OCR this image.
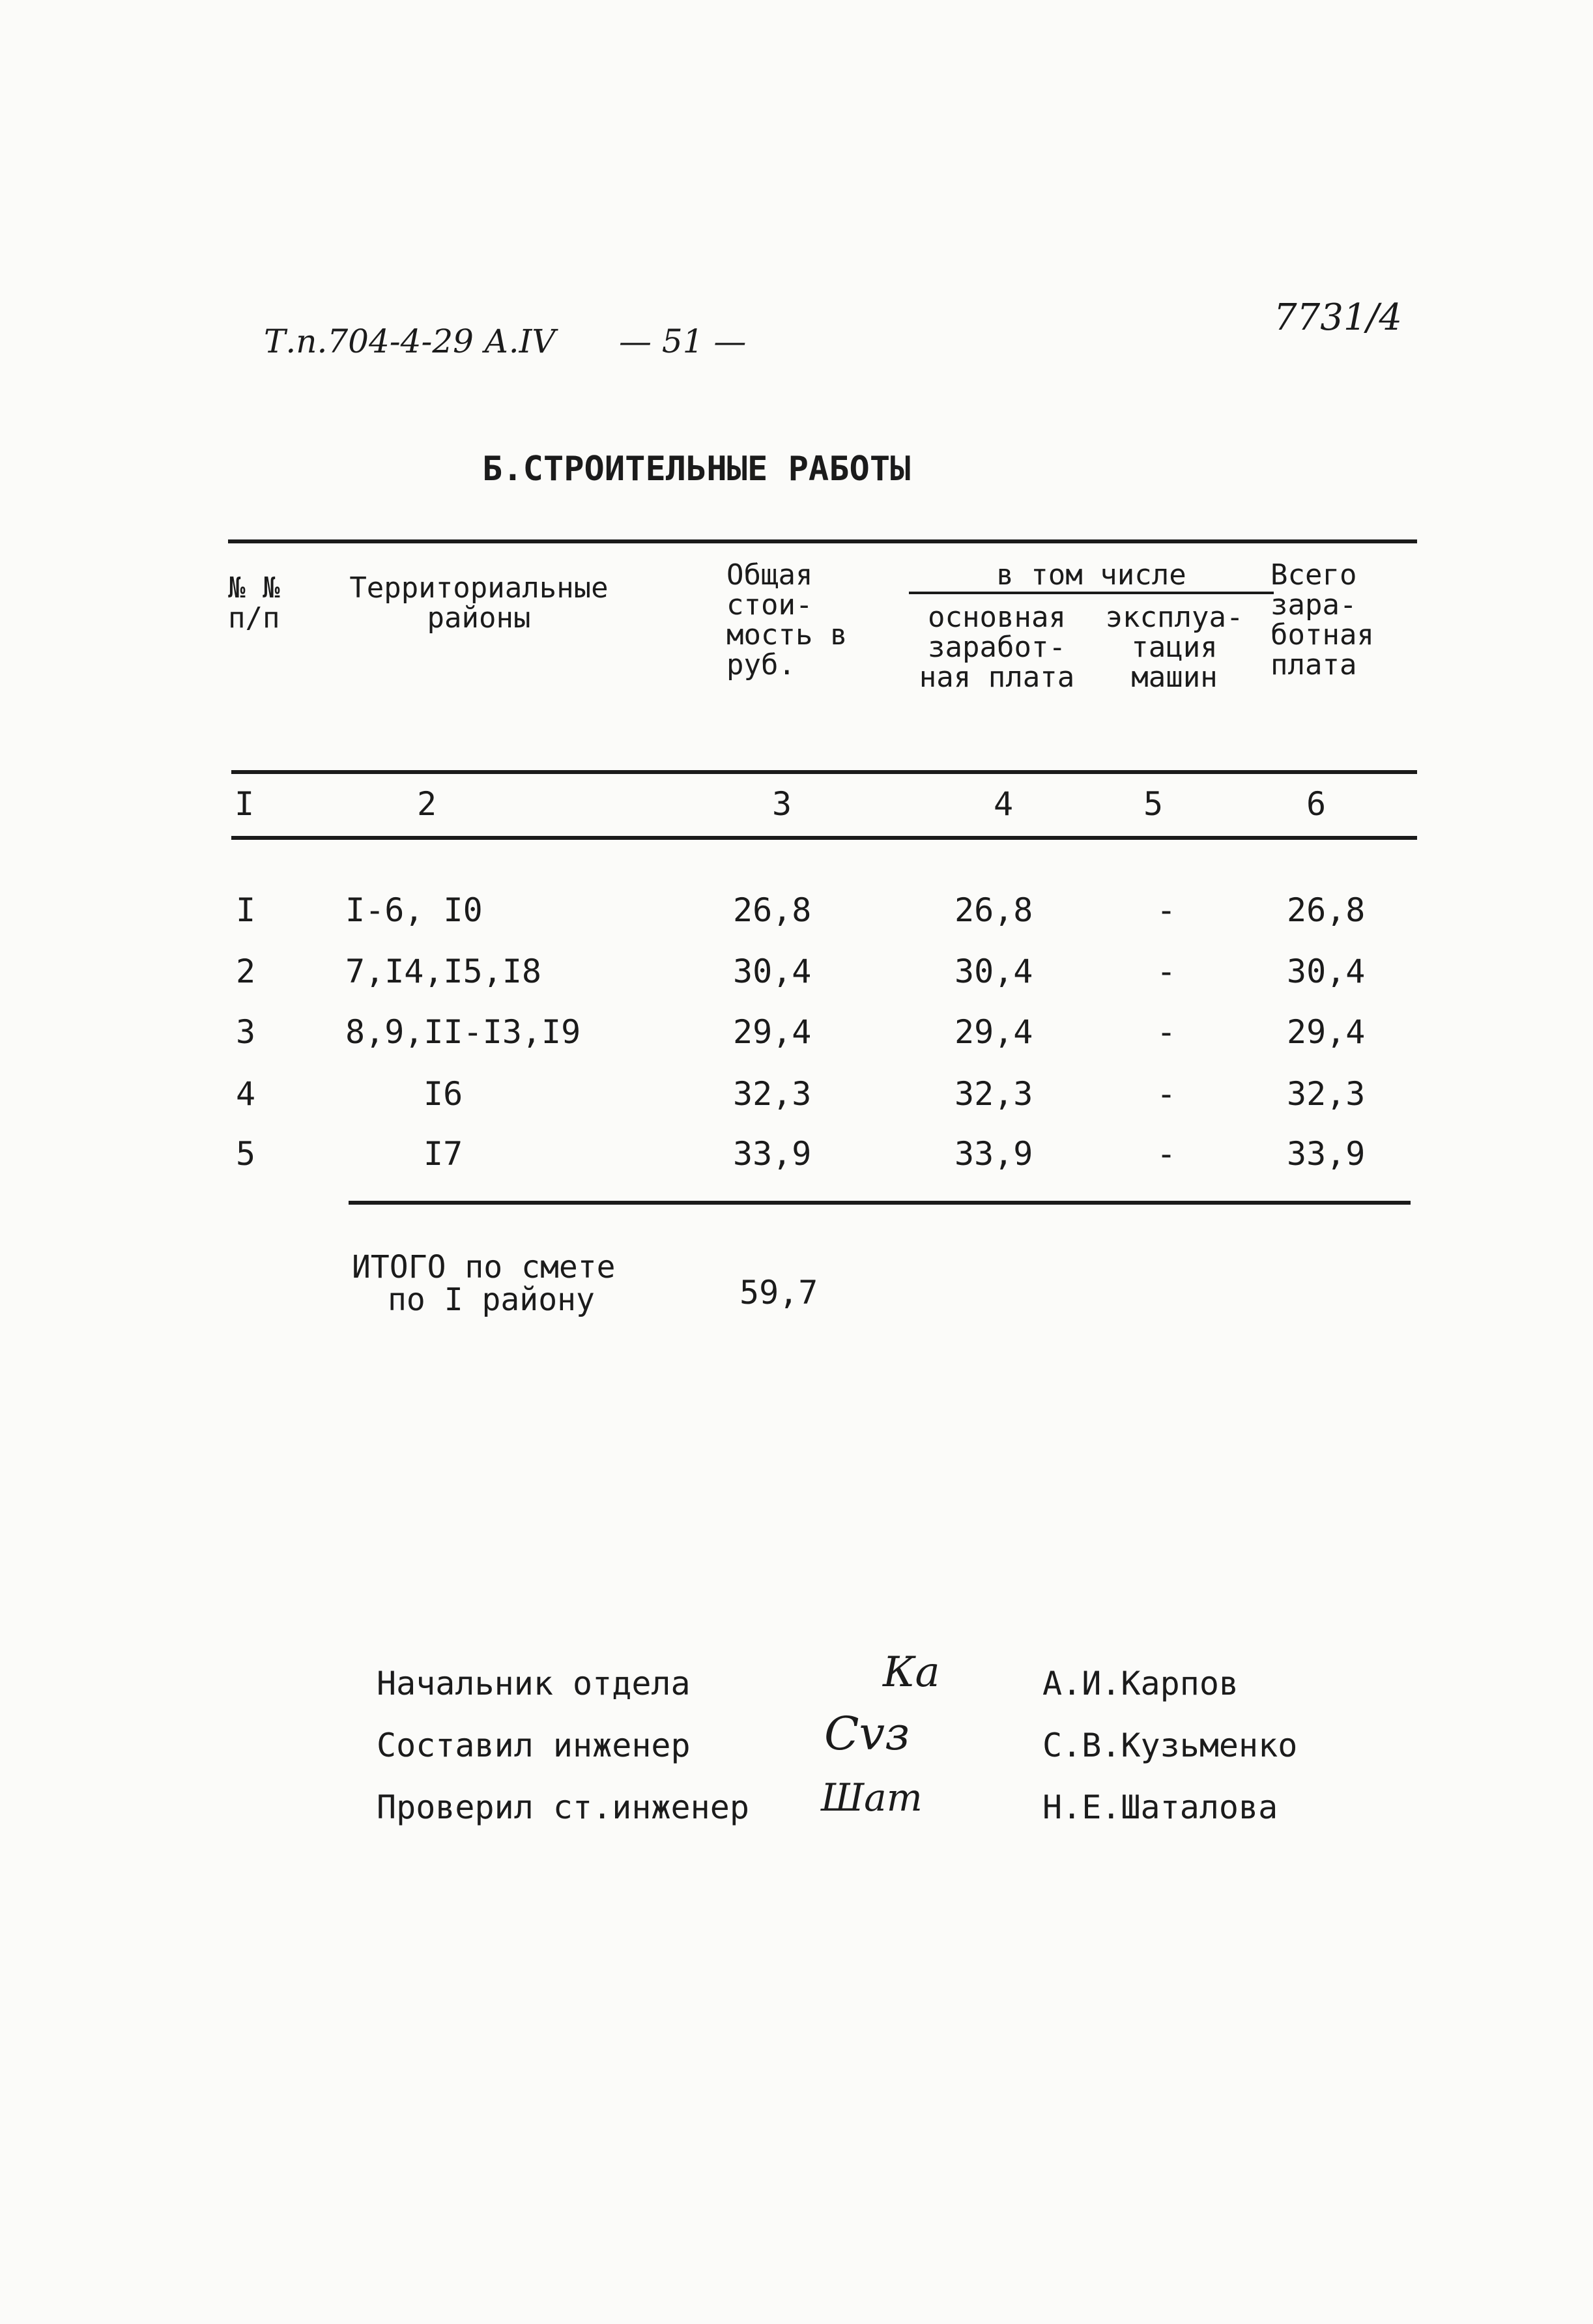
Т.п.704-4-29 А.IV — 51 —
7731/4
Б.СТРОИТЕЛЬНЫЕ РАБОТЫ
№ № п/п
Территориальные районы
Общая стои- мость в руб.
в том числе
основная заработ- ная плата
эксплуа- тация машин
Всего зара- ботная плата
I	2	3	4	5	6
I	I-6, I0	26,8	26,8	-	26,8
2	7,I4,I5,I8	30,4	30,4	-	30,4
3	8,9,II-I3,I9	29,4	29,4	-	29,4
4	I6	32,3	32,3	-	32,3
5	I7	33,9	33,9	-	33,9
ИТОГО по смете
по I району	59,7
Начальник отдела
Составил инженер
Проверил ст.инженер
Ка
Сvз
Шат
А.И.Карпов
С.В.Кузьменко
Н.Е.Шаталова
